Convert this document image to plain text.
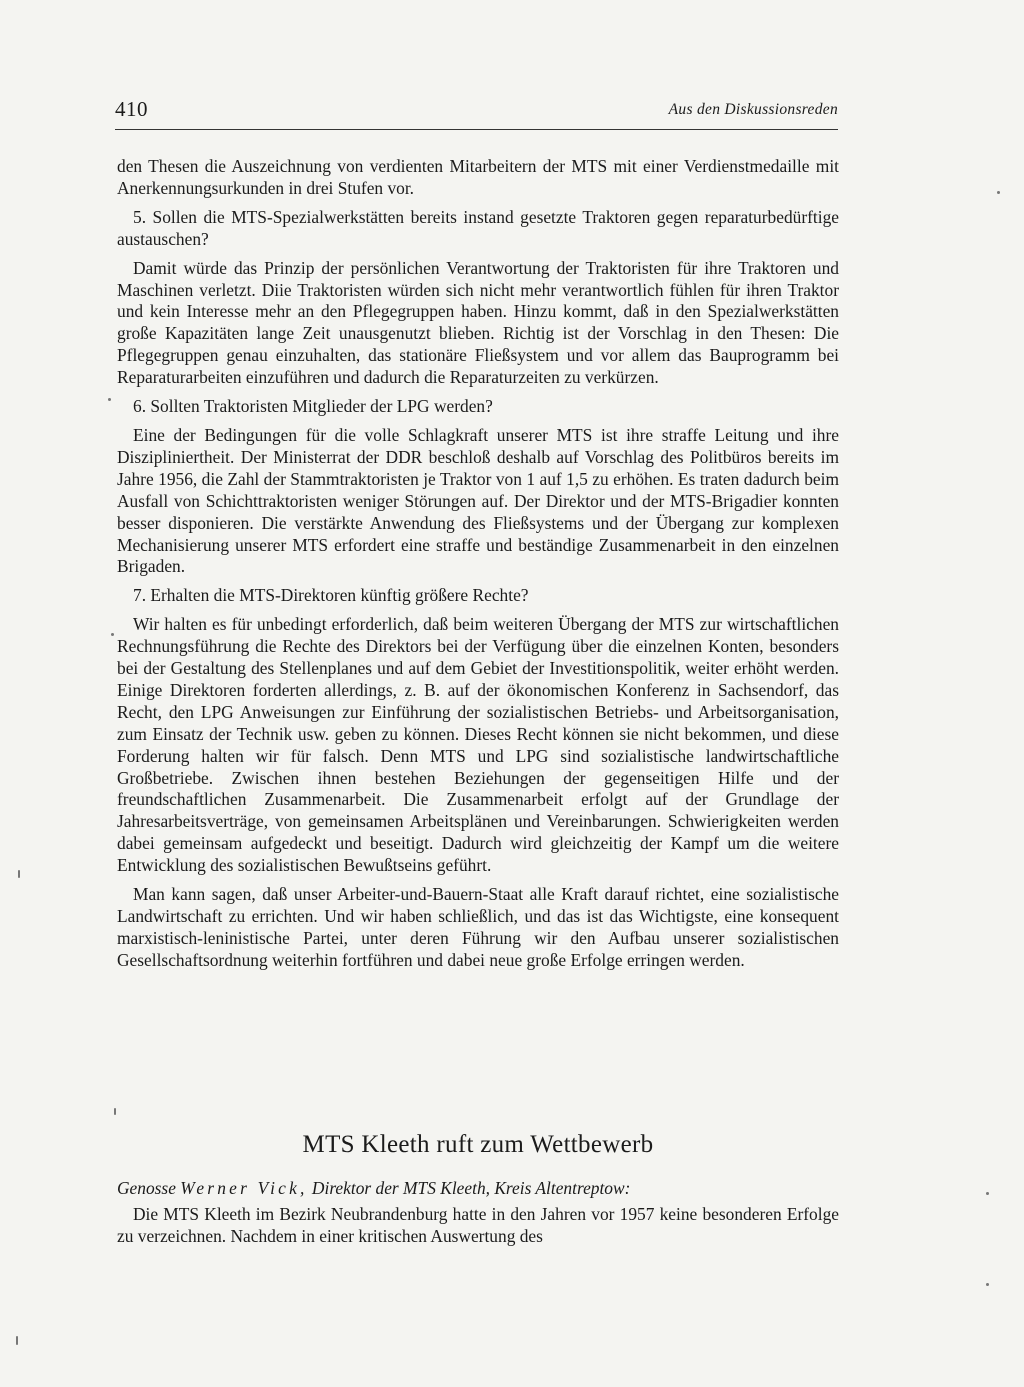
410	Aus den Diskussionsreden

den Thesen die Auszeichnung von verdienten Mitarbeitern der MTS mit einer Verdienstmedaille mit Anerkennungsurkunden in drei Stufen vor.

5. Sollen die MTS-Spezialwerkstätten bereits instand gesetzte Traktoren gegen reparaturbedürftige austauschen?

Damit würde das Prinzip der persönlichen Verantwortung der Traktoristen für ihre Traktoren und Maschinen verletzt. Diie Traktoristen würden sich nicht mehr verantwortlich fühlen für ihren Traktor und kein Interesse mehr an den Pflegegruppen haben. Hinzu kommt, daß in den Spezialwerkstätten große Kapazitäten lange Zeit unausgenutzt blieben. Richtig ist der Vorschlag in den Thesen: Die Pflegegruppen genau einzuhalten, das stationäre Fließsystem und vor allem das Bauprogramm bei Reparaturarbeiten einzuführen und dadurch die Reparaturzeiten zu verkürzen.

6. Sollten Traktoristen Mitglieder der LPG werden?

Eine der Bedingungen für die volle Schlagkraft unserer MTS ist ihre straffe Leitung und ihre Diszipliniertheit. Der Ministerrat der DDR beschloß deshalb auf Vorschlag des Politbüros bereits im Jahre 1956, die Zahl der Stammtraktoristen je Traktor von 1 auf 1,5 zu erhöhen. Es traten dadurch beim Ausfall von Schichttraktoristen weniger Störungen auf. Der Direktor und der MTS-Brigadier konnten besser disponieren. Die verstärkte Anwendung des Fließsystems und der Übergang zur komplexen Mechanisierung unserer MTS erfordert eine straffe und beständige Zusammenarbeit in den einzelnen Brigaden.

7. Erhalten die MTS-Direktoren künftig größere Rechte?

Wir halten es für unbedingt erforderlich, daß beim weiteren Übergang der MTS zur wirtschaftlichen Rechnungsführung die Rechte des Direktors bei der Verfügung über die einzelnen Konten, besonders bei der Gestaltung des Stellenplanes und auf dem Gebiet der Investitionspolitik, weiter erhöht werden. Einige Direktoren forderten allerdings, z. B. auf der ökonomischen Konferenz in Sachsendorf, das Recht, den LPG Anweisungen zur Einführung der sozialistischen Betriebs- und Arbeitsorganisation, zum Einsatz der Technik usw. geben zu können. Dieses Recht können sie nicht bekommen, und diese Forderung halten wir für falsch. Denn MTS und LPG sind sozialistische landwirtschaftliche Großbetriebe. Zwischen ihnen bestehen Beziehungen der gegenseitigen Hilfe und der freundschaftlichen Zusammenarbeit. Die Zusammenarbeit erfolgt auf der Grundlage der Jahresarbeitsverträge, von gemeinsamen Arbeitsplänen und Vereinbarungen. Schwierigkeiten werden dabei gemeinsam aufgedeckt und beseitigt. Dadurch wird gleichzeitig der Kampf um die weitere Entwicklung des sozialistischen Bewußtseins geführt.

Man kann sagen, daß unser Arbeiter-und-Bauern-Staat alle Kraft darauf richtet, eine sozialistische Landwirtschaft zu errichten. Und wir haben schließlich, und das ist das Wichtigste, eine konsequent marxistisch-leninistische Partei, unter deren Führung wir den Aufbau unserer sozialistischen Gesellschaftsordnung weiterhin fortführen und dabei neue große Erfolge erringen werden.

MTS Kleeth ruft zum Wettbewerb
Genosse Werner Vick, Direktor der MTS Kleeth, Kreis Altentreptow:

Die MTS Kleeth im Bezirk Neubrandenburg hatte in den Jahren vor 1957 keine besonderen Erfolge zu verzeichnen. Nachdem in einer kritischen Auswertung des
